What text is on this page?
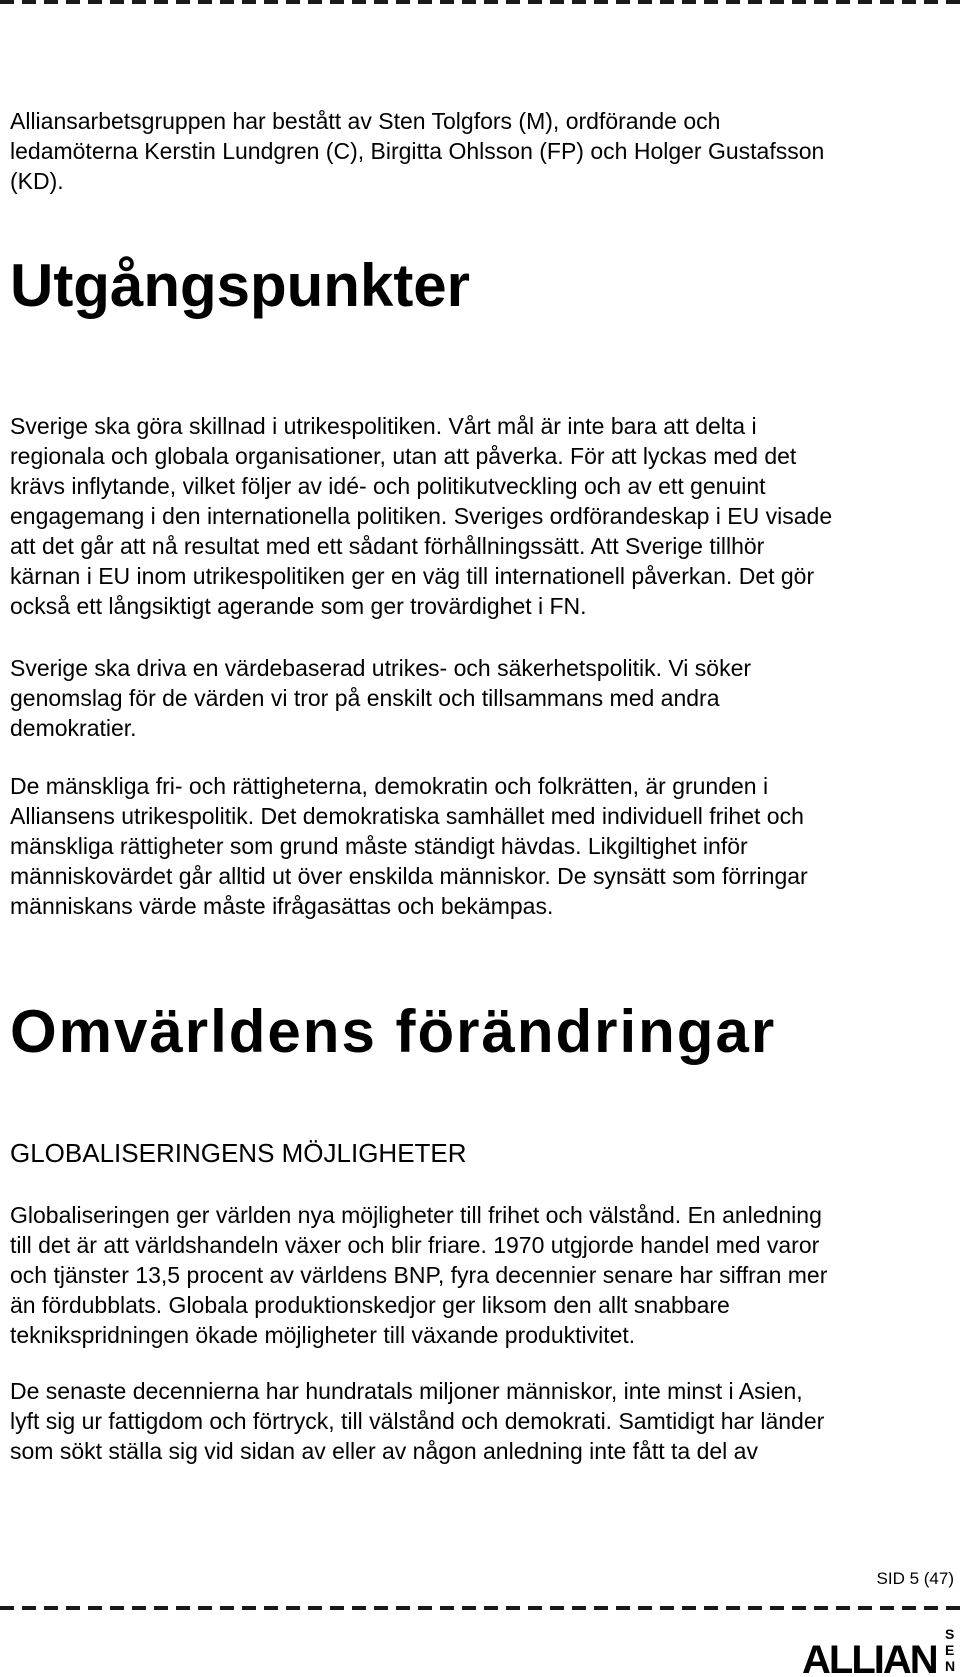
Alliansarbetsgruppen har bestått av Sten Tolgfors (M), ordförande och
ledamöterna Kerstin Lundgren (C), Birgitta Ohlsson (FP) och Holger Gustafsson
(KD).

Utgångspunkter

Sverige ska göra skillnad i utrikespolitiken. Vårt mål är inte bara att delta i
regionala och globala organisationer, utan att påverka. För att lyckas med det
krävs inflytande, vilket följer av idé- och politikutveckling och av ett genuint
engagemang i den internationella politiken. Sveriges ordförandeskap i EU visade
att det går att nå resultat med ett sådant förhållningssätt. Att Sverige tillhör
kärnan i EU inom utrikespolitiken ger en väg till internationell påverkan. Det gör
också ett långsiktigt agerande som ger trovärdighet i FN.

Sverige ska driva en värdebaserad utrikes- och säkerhetspolitik. Vi söker
genomslag för de värden vi tror på enskilt och tillsammans med andra
demokratier.

De mänskliga fri- och rättigheterna, demokratin och folkrätten, är grunden i
Alliansens utrikespolitik. Det demokratiska samhället med individuell frihet och
mänskliga rättigheter som grund måste ständigt hävdas. Likgiltighet inför
människovärdet går alltid ut över enskilda människor. De synsätt som förringar
människans värde måste ifrågasättas och bekämpas.

Omvärldens förändringar
GLOBALISERINGENS MÖJLIGHETER

Globaliseringen ger världen nya möjligheter till frihet och välstånd. En anledning
till det är att världshandeln växer och blir friare. 1970 utgjorde handel med varor
och tjänster 13,5 procent av världens BNP, fyra decennier senare har siffran mer
än fördubblats. Globala produktionskedjor ger liksom den allt snabbare
teknikspridningen ökade möjligheter till växande produktivitet.

De senaste decennierna har hundratals miljoner människor, inte minst i Asien,
lyft sig ur fattigdom och förtryck, till välstånd och demokrati. Samtidigt har länder
som sökt ställa sig vid sidan av eller av någon anledning inte fått ta del av

SID 5 (47)
ALLIAN
S
E
N
